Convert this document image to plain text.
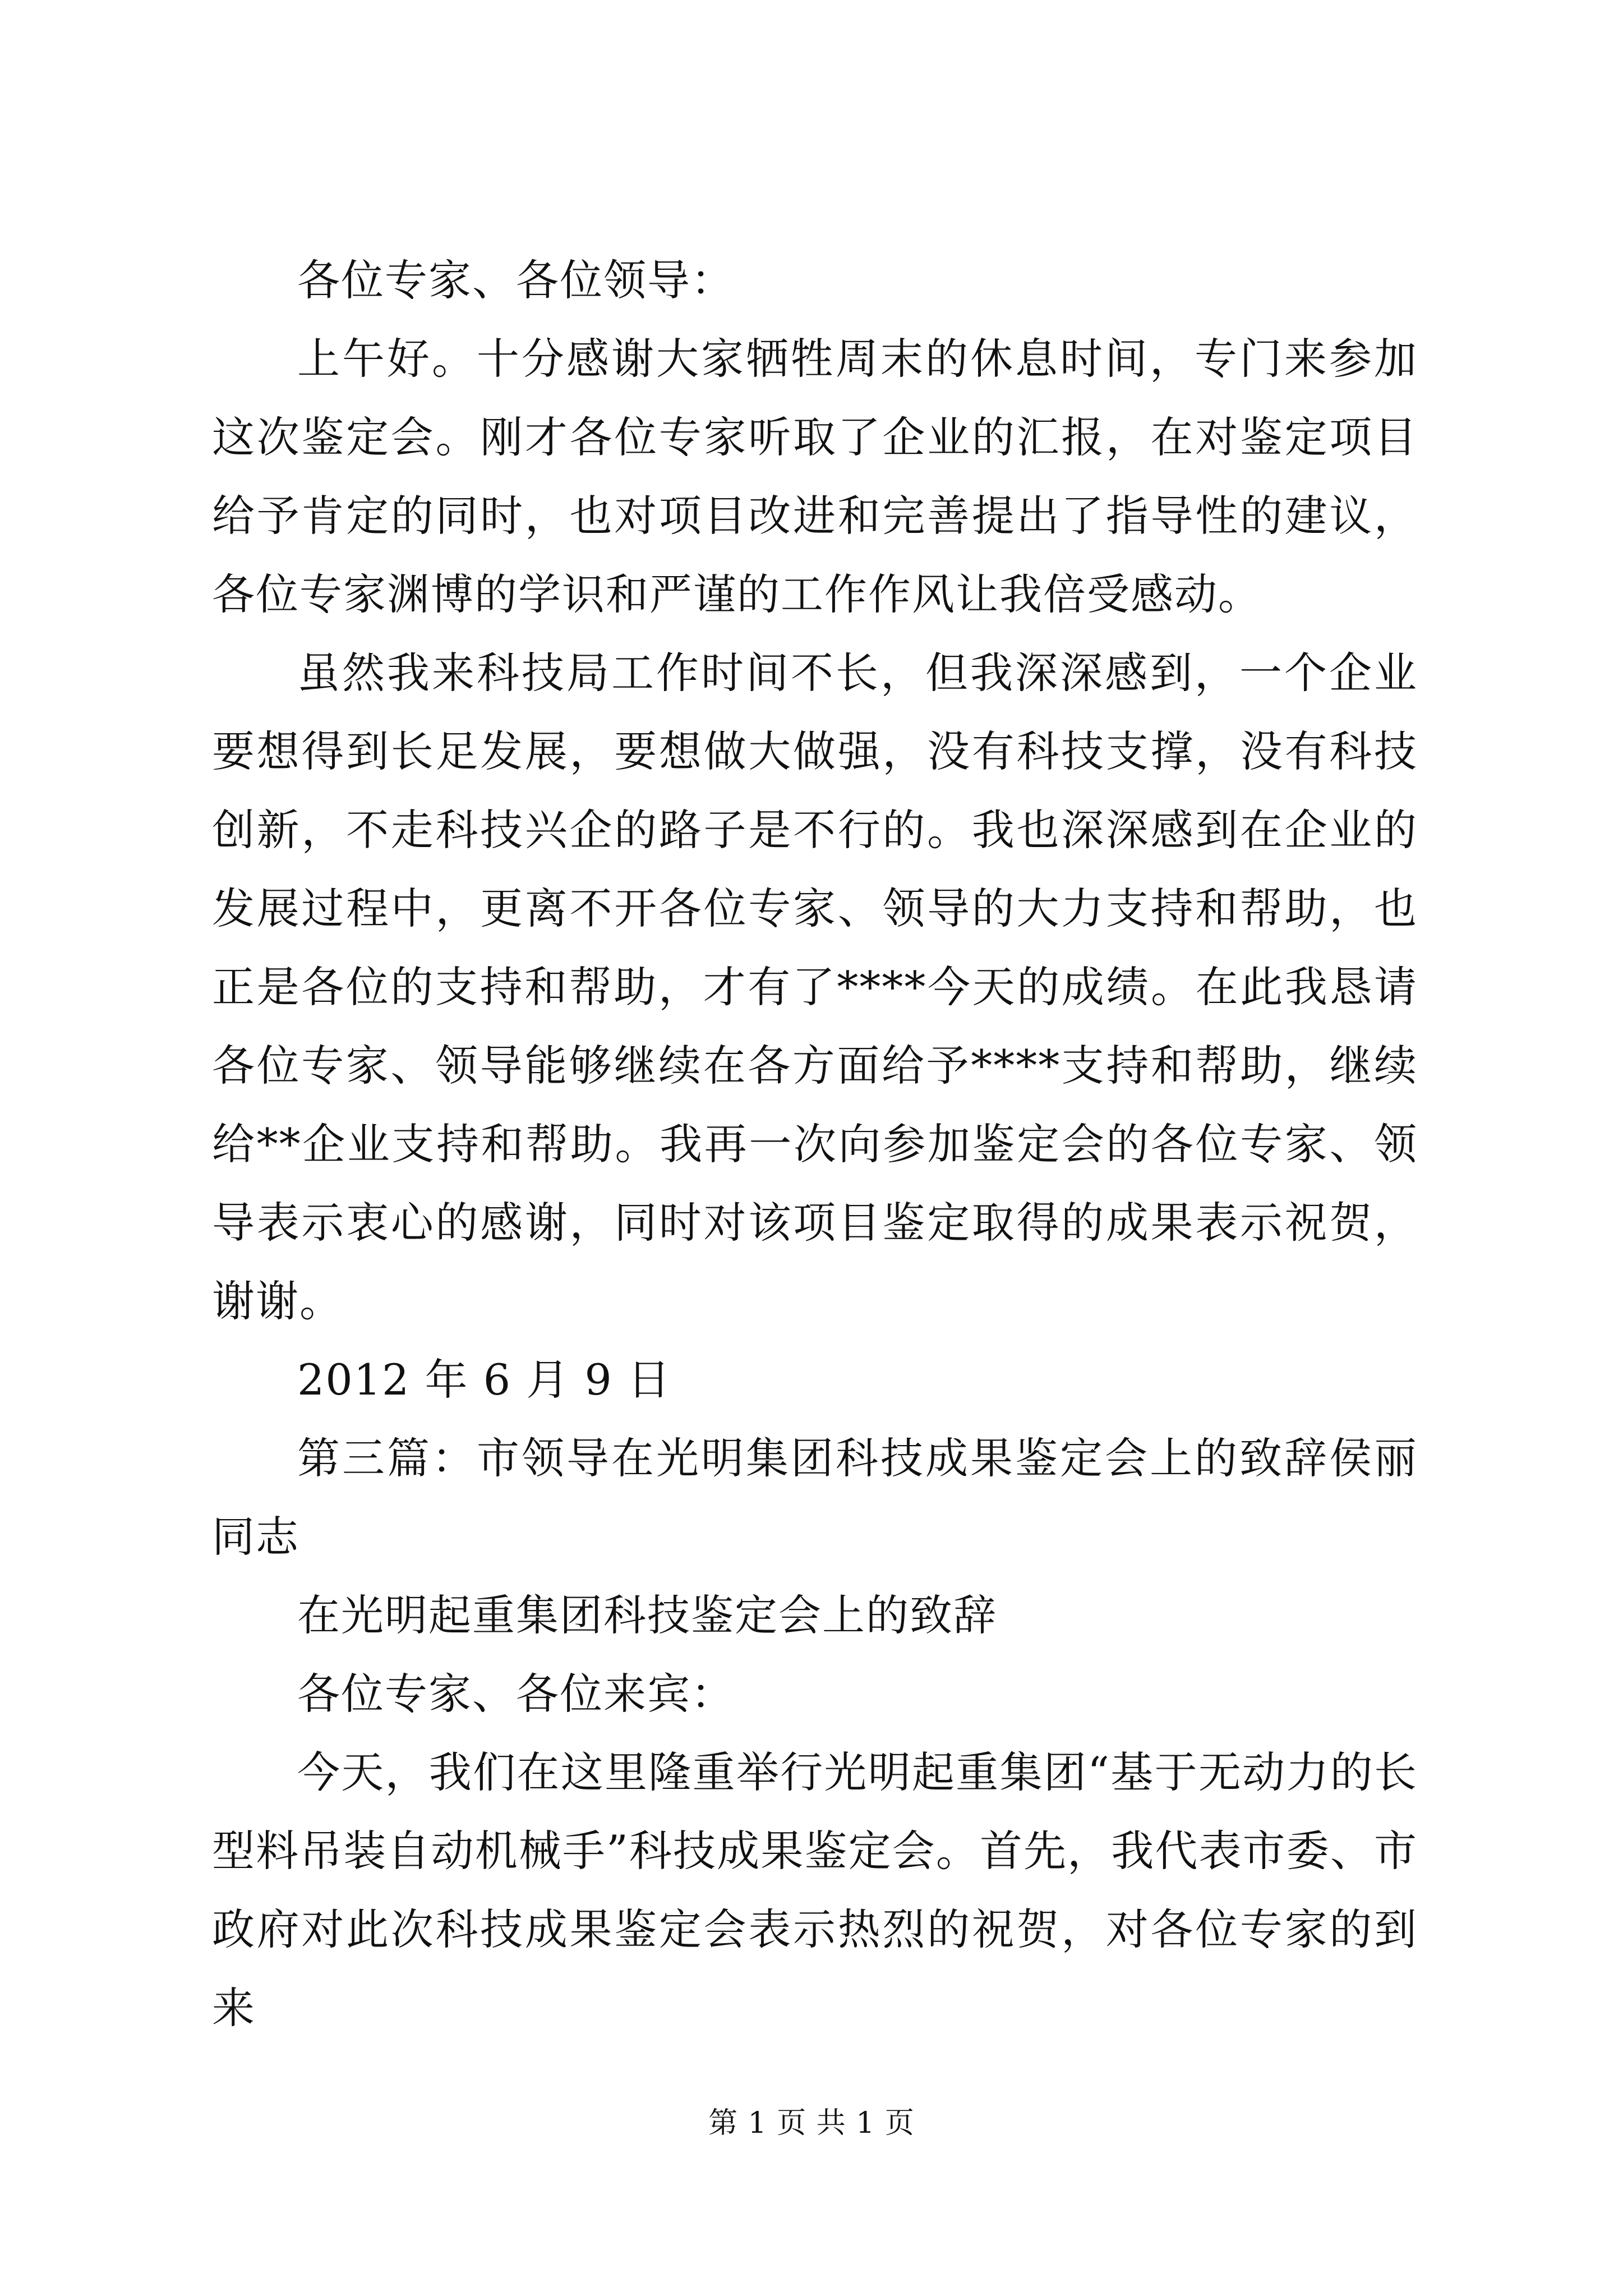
各位专家、各位领导：

上午好。十分感谢大家牺牲周末的休息时间，专门来参加这次鉴定会。刚才各位专家听取了企业的汇报，在对鉴定项目给予肯定的同时，也对项目改进和完善提出了指导性的建议，各位专家渊博的学识和严谨的工作作风让我倍受感动。

虽然我来科技局工作时间不长，但我深深感到，一个企业要想得到长足发展，要想做大做强，没有科技支撑，没有科技创新，不走科技兴企的路子是不行的。我也深深感到在企业的发展过程中，更离不开各位专家、领导的大力支持和帮助，也正是各位的支持和帮助，才有了****今天的成绩。在此我恳请各位专家、领导能够继续在各方面给予****支持和帮助，继续给**企业支持和帮助。我再一次向参加鉴定会的各位专家、领导表示衷心的感谢，同时对该项目鉴定取得的成果表示祝贺，谢谢。

2012 年 6 月 9 日

第三篇：市领导在光明集团科技成果鉴定会上的致辞侯丽同志

在光明起重集团科技鉴定会上的致辞

各位专家、各位来宾：

今天，我们在这里隆重举行光明起重集团“基于无动力的长型料吊装自动机械手”科技成果鉴定会。首先，我代表市委、市政府对此次科技成果鉴定会表示热烈的祝贺，对各位专家的到来

第 1 页 共 1 页
